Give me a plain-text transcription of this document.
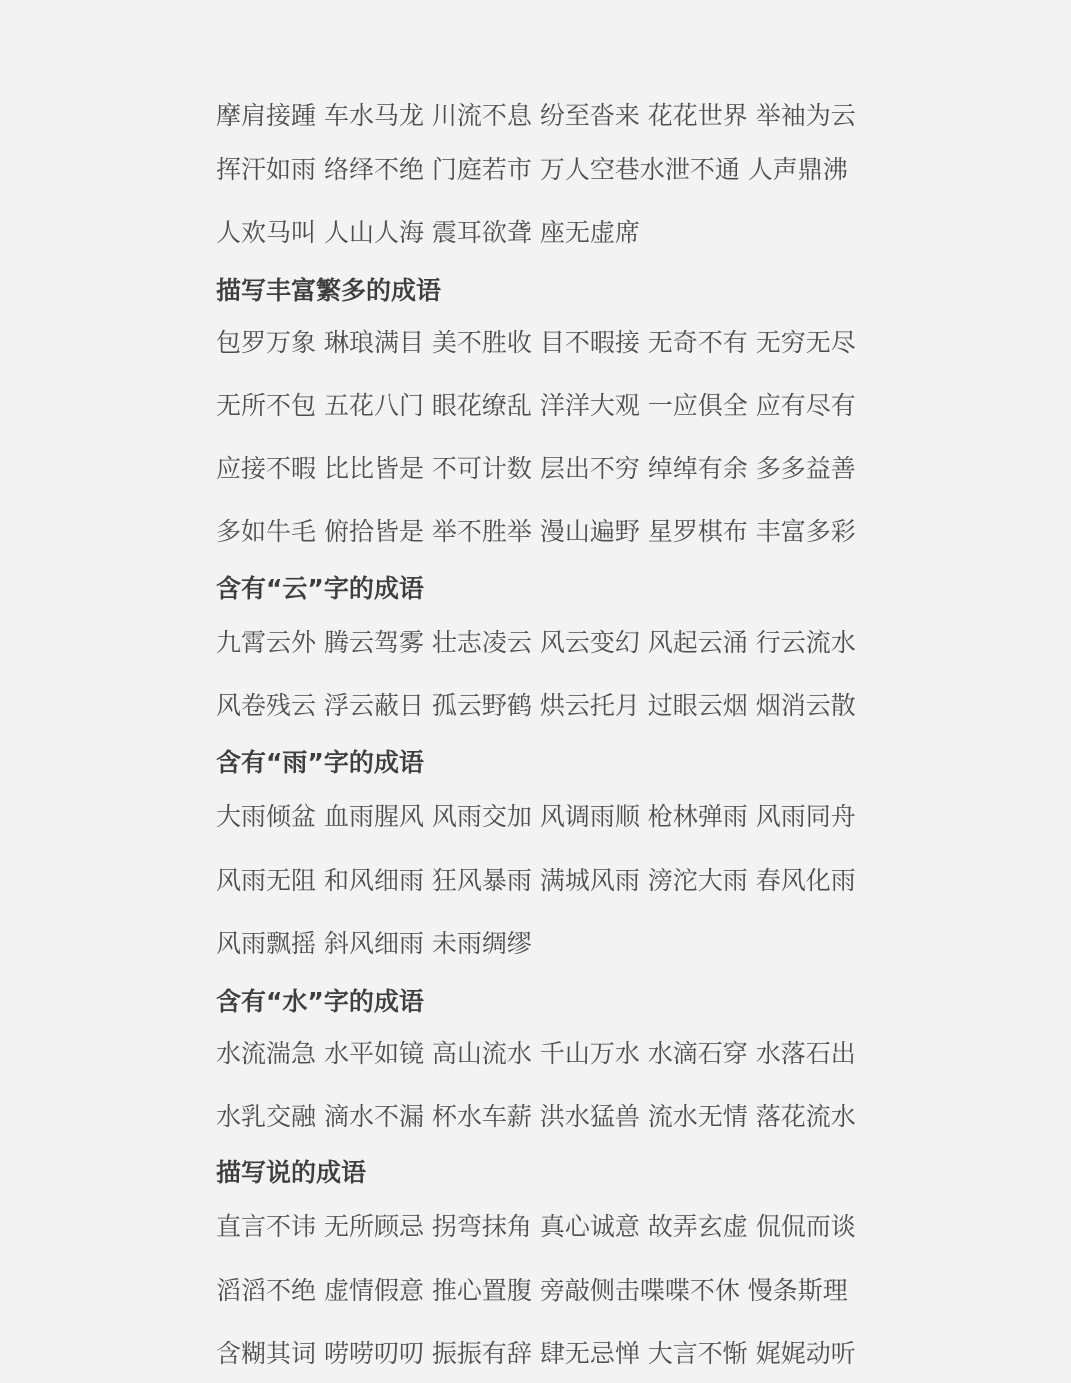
摩肩接踵 车水马龙 川流不息 纷至沓来 花花世界 举袖为云
挥汗如雨 络绎不绝 门庭若市 万人空巷水泄不通 人声鼎沸
人欢马叫 人山人海 震耳欲聋 座无虚席
描写丰富繁多的成语
包罗万象 琳琅满目 美不胜收 目不暇接 无奇不有 无穷无尽
无所不包 五花八门 眼花缭乱 洋洋大观 一应俱全 应有尽有
应接不暇 比比皆是 不可计数 层出不穷 绰绰有余 多多益善
多如牛毛 俯拾皆是 举不胜举 漫山遍野 星罗棋布 丰富多彩
含有“云”字的成语
九霄云外 腾云驾雾 壮志凌云 风云变幻 风起云涌 行云流水
风卷残云 浮云蔽日 孤云野鹤 烘云托月 过眼云烟 烟消云散
含有“雨”字的成语
大雨倾盆 血雨腥风 风雨交加 风调雨顺 枪林弹雨 风雨同舟
风雨无阻 和风细雨 狂风暴雨 满城风雨 滂沱大雨 春风化雨
风雨飘摇 斜风细雨 未雨绸缪
含有“水”字的成语
水流湍急 水平如镜 高山流水 千山万水 水滴石穿 水落石出
水乳交融 滴水不漏 杯水车薪 洪水猛兽 流水无情 落花流水
描写说的成语
直言不讳 无所顾忌 拐弯抹角 真心诚意 故弄玄虚 侃侃而谈
滔滔不绝 虚情假意 推心置腹 旁敲侧击喋喋不休 慢条斯理
含糊其词 唠唠叨叨 振振有辞 肆无忌惮 大言不惭 娓娓动听
